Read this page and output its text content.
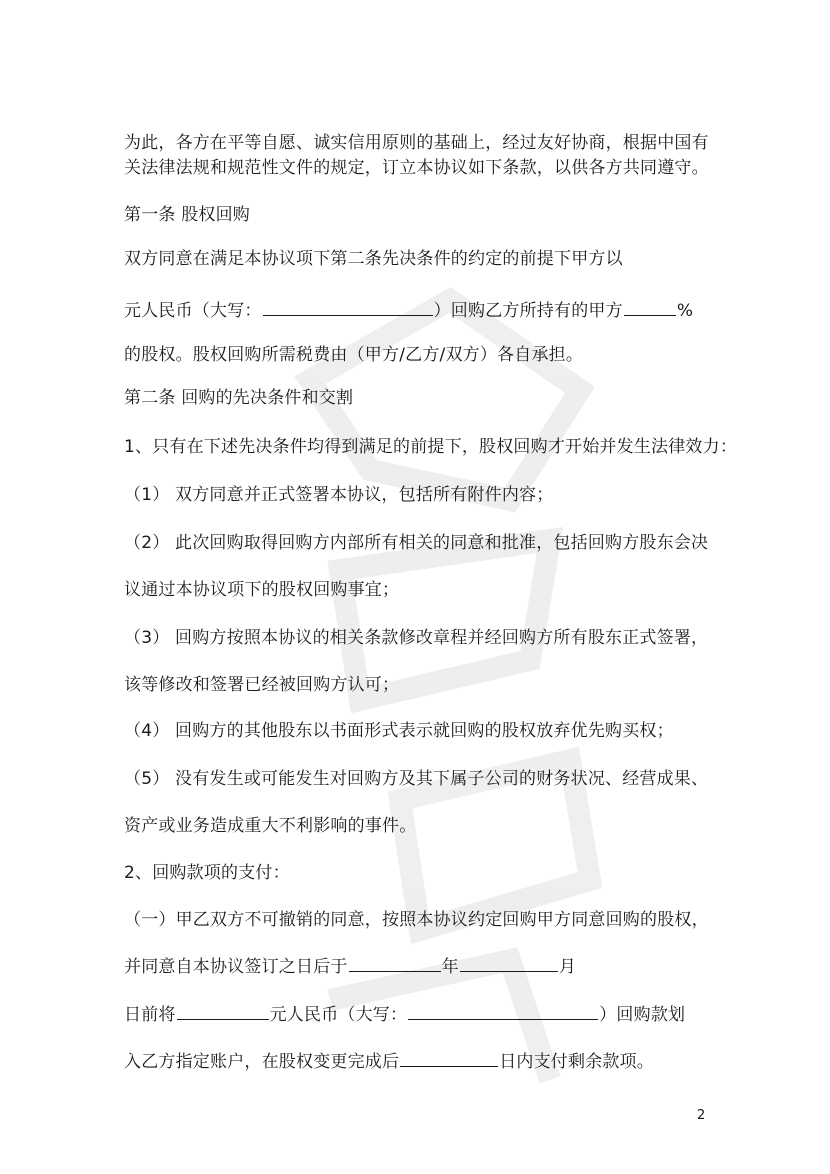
为此，各方在平等自愿、诚实信用原则的基础上，经过友好协商，根据中国有
关法律法规和规范性文件的规定，订立本协议如下条款，以供各方共同遵守。
第一条 股权回购
双方同意在满足本协议项下第二条先决条件的约定的前提下甲方以
元人民币（大写：	）回购乙方所持有的甲方	%
的股权。股权回购所需税费由（甲方/乙方/双方）各自承担。
第二条 回购的先决条件和交割
1、只有在下述先决条件均得到满足的前提下，股权回购才开始并发生法律效力：
（1） 双方同意并正式签署本协议，包括所有附件内容；
（2） 此次回购取得回购方内部所有相关的同意和批准，包括回购方股东会决
议通过本协议项下的股权回购事宜；
（3） 回购方按照本协议的相关条款修改章程并经回购方所有股东正式签署，
该等修改和签署已经被回购方认可；
（4） 回购方的其他股东以书面形式表示就回购的股权放弃优先购买权；
（5） 没有发生或可能发生对回购方及其下属子公司的财务状况、经营成果、
资产或业务造成重大不利影响的事件。
2、回购款项的支付：
（一）甲乙双方不可撤销的同意，按照本协议约定回购甲方同意回购的股权，
并同意自本协议签订之日后于	年	月
日前将	元人民币（大写：	）回购款划
入乙方指定账户，在股权变更完成后	日内支付剩余款项。
2
